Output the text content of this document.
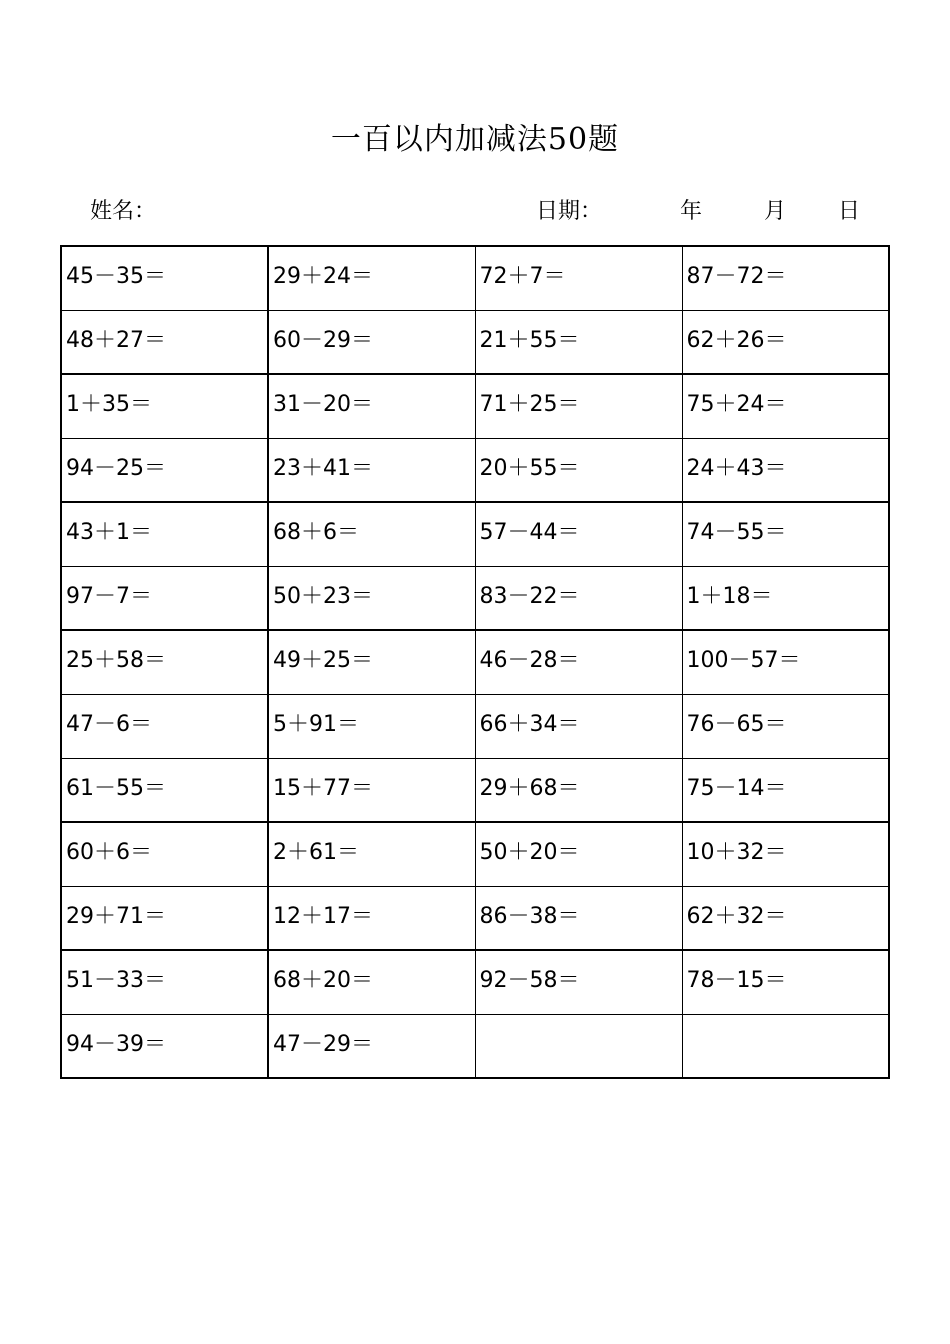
一百以内加减法50题
姓名：	日期：	年	月 日
45－35＝	29＋24＝	72＋7＝	87－72＝
48＋27＝	60－29＝	21＋55＝	62＋26＝
1＋35＝	31－20＝	71＋25＝	75＋24＝
94－25＝	23＋41＝	20＋55＝	24＋43＝
43＋1＝	68＋6＝	57－44＝	74－55＝
97－7＝	50＋23＝	83－22＝	1＋18＝
25＋58＝	49＋25＝	46－28＝	100－57＝
47－6＝	5＋91＝	66＋34＝	76－65＝
61－55＝	15＋77＝	29＋68＝	75－14＝
60＋6＝	2＋61＝	50＋20＝	10＋32＝
29＋71＝	12＋17＝	86－38＝	62＋32＝
51－33＝	68＋20＝	92－58＝	78－15＝
94－39＝	47－29＝		
